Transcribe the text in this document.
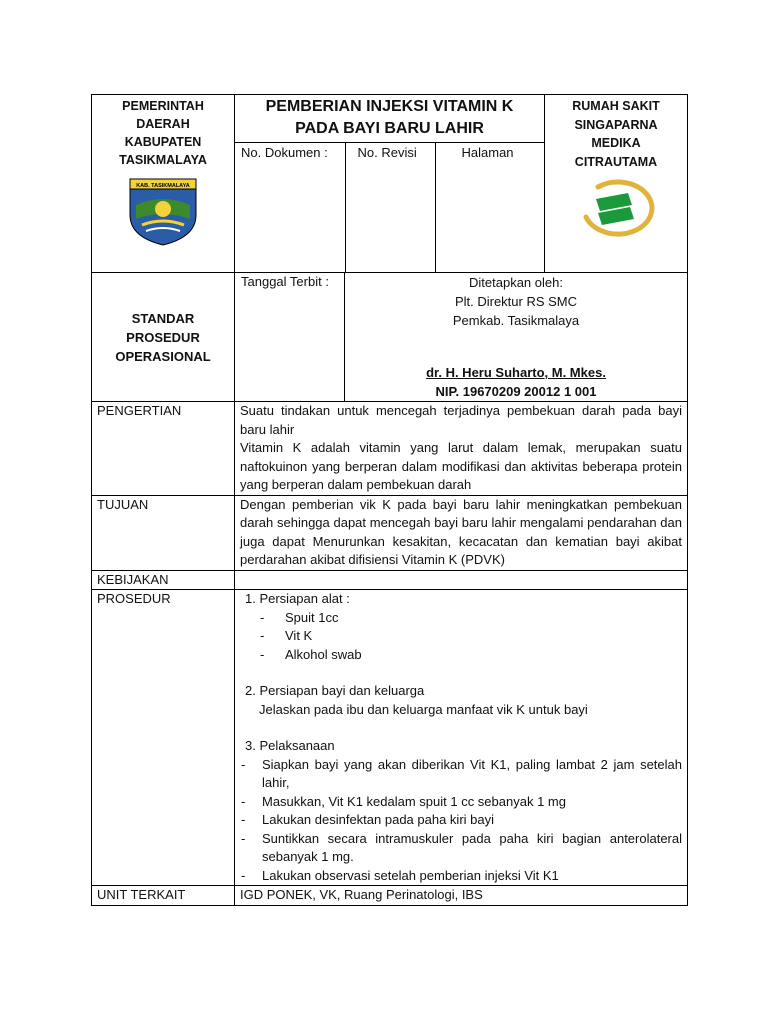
PEMERINTAH
DAERAH
KABUPATEN
TASIKMALAYA
KAB. TASIKMALAYA

PEMBERIAN INJEKSI VITAMIN K
PADA BAYI BARU LAHIR
No. Dokumen :	No. Revisi	Halaman

RUMAH SAKIT
SINGAPARNA
MEDIKA
CITRAUTAMA

STANDAR
PROSEDUR
OPERASIONAL

Tanggal Terbit :	Ditetapkan oleh:
Plt. Direktur RS SMC
Pemkab. Tasikmalaya
dr. H. Heru Suharto, M. Mkes.
NIP. 19670209 20012 1 001

PENGERTIAN	Suatu tindakan untuk mencegah terjadinya pembekuan darah pada bayi baru lahir
Vitamin K adalah vitamin yang larut dalam lemak, merupakan suatu naftokuinon yang berperan dalam modifikasi dan aktivitas beberapa protein yang berperan dalam pembekuan darah

TUJUAN	Dengan pemberian vik K pada bayi baru lahir meningkatkan pembekuan darah sehingga dapat mencegah bayi baru lahir mengalami pendarahan dan juga dapat Menurunkan kesakitan, kecacatan dan kematian bayi akibat perdarahan akibat difisiensi Vitamin K (PDVK)
KEBIJAKAN	
PROSEDUR	1. Persiapan alat :
- Spuit 1cc
- Vit K
- Alkohol swab
2. Persiapan bayi dan keluarga
Jelaskan pada ibu dan keluarga manfaat vik K untuk bayi
3. Pelaksanaan
- Siapkan bayi yang akan diberikan Vit K1, paling lambat 2 jam setelah lahir,
- Masukkan, Vit K1 kedalam spuit 1 cc sebanyak 1 mg
- Lakukan desinfektan pada paha kiri bayi
- Suntikkan secara intramuskuler pada paha kiri bagian anterolateral sebanyak 1 mg.
- Lakukan observasi setelah pemberian injeksi Vit K1

UNIT TERKAIT	IGD PONEK, VK, Ruang Perinatologi, IBS
